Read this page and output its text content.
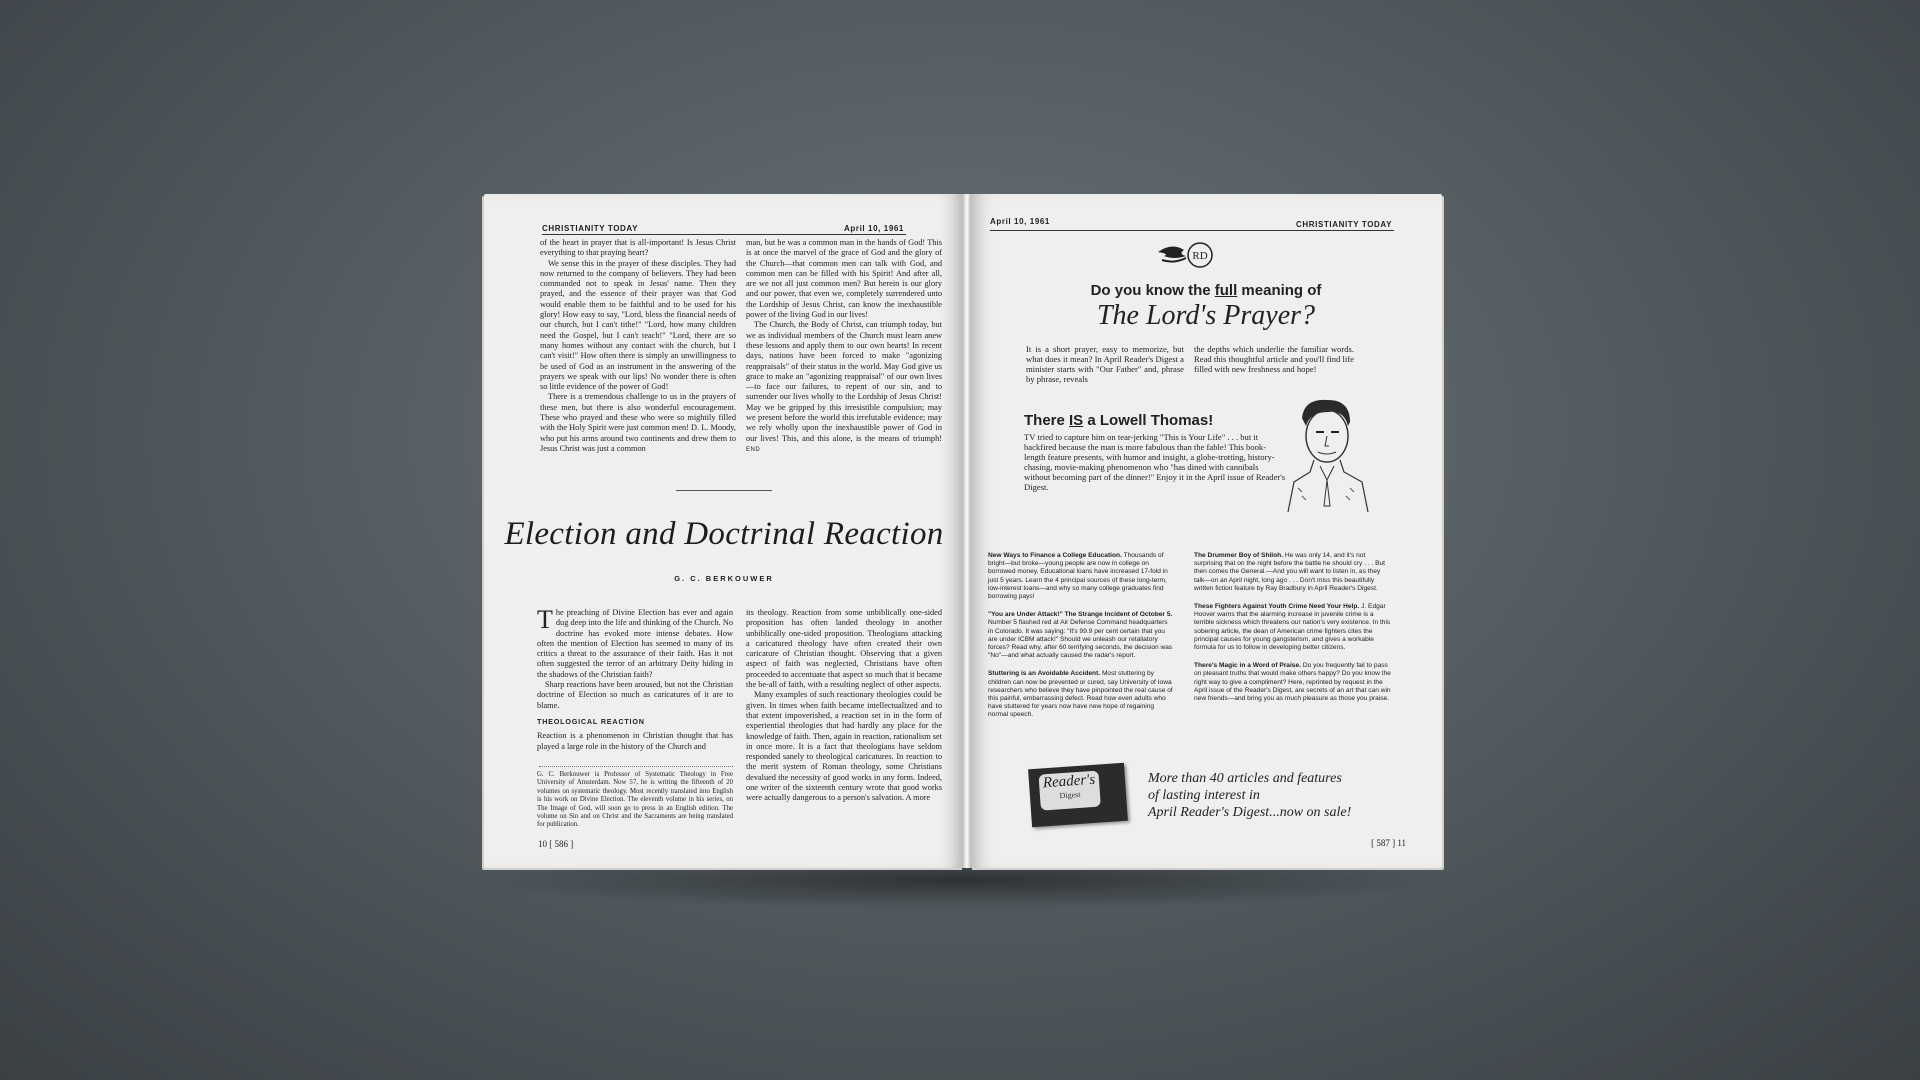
CHRISTIANITY TODAY	April 10, 1961

of the heart in prayer that is all-important! Is Jesus Christ everything to that praying heart?

We sense this in the prayer of these disciples. They had now returned to the company of believers. They had been commanded not to speak in Jesus' name. Then they prayed, and the essence of their prayer was that God would enable them to be faithful and to be used for his glory! How easy to say, "Lord, bless the financial needs of our church, but I can't tithe!" "Lord, how many children need the Gospel, but I can't teach!" "Lord, there are so many homes without any contact with the church, but I can't visit!" How often there is simply an unwillingness to be used of God as an instrument in the answering of the prayers we speak with our lips! No wonder there is often so little evidence of the power of God!

There is a tremendous challenge to us in the prayers of these men, but there is also wonderful encouragement. These who prayed and these who were so mightily filled with the Holy Spirit were just common men! D. L. Moody, who put his arms around two continents and drew them to Jesus Christ was just a common

man, but he was a common man in the hands of God! This is at once the marvel of the grace of God and the glory of the Church—that common men can talk with God, and common men can be filled with his Spirit! And after all, are we not all just common men? But herein is our glory and our power, that even we, completely surrendered unto the Lordship of Jesus Christ, can know the inexhaustible power of the living God in our lives!

The Church, the Body of Christ, can triumph today, but we as individual members of the Church must learn anew these lessons and apply them to our own hearts! In recent days, nations have been forced to make "agonizing reappraisals" of their status in the world. May God give us grace to make an "agonizing reappraisal" of our own lives—to face our failures, to repent of our sin, and to surrender our lives wholly to the Lordship of Jesus Christ! May we be gripped by this irresistible compulsion; may we present before the world this irrefutable evidence; may we rely wholly upon the inexhaustible power of God in our lives! This, and this alone, is the means of triumph! END

Election and Doctrinal Reaction
G. C. BERKOUWER

The preaching of Divine Election has ever and again dug deep into the life and thinking of the Church. No doctrine has evoked more intense debates. How often the mention of Election has seemed to many of its critics a threat to the assurance of their faith. Has it not often suggested the terror of an arbitrary Deity hiding in the shadows of the Christian faith?

Sharp reactions have been aroused, but not the Christian doctrine of Election so much as caricatures of it are to blame.

THEOLOGICAL REACTION

Reaction is a phenomenon in Christian thought that has played a large role in the history of the Church and

G. C. Berkouwer is Professor of Systematic Theology in Free University of Amsterdam. Now 57, he is writing the fifteenth of 20 volumes on systematic theology. Most recently translated into English is his work on Divine Election. The eleventh volume in his series, on The Image of God, will soon go to press in an English edition. The volume on Sin and on Christ and the Sacraments are being translated for publication.

its theology. Reaction from some unbiblically one-sided proposition has often landed theology in another unbiblically one-sided proposition. Theologians attacking a caricatured theology have often created their own caricature of Christian thought. Observing that a given aspect of faith was neglected, Christians have often proceeded to accentuate that aspect so much that it became the be-all of faith, with a resulting neglect of other aspects.

Many examples of such reactionary theologies could be given. In times when faith became intellectualized and to that extent impoverished, a reaction set in in the form of experiential theologies that had hardly any place for the knowledge of faith. Then, again in reaction, rationalism set in once more. It is a fact that theologians have seldom responded sanely to theological caricatures. In reaction to the merit system of Roman theology, some Christians devalued the necessity of good works in any form. Indeed, one writer of the sixteenth century wrote that good works were actually dangerous to a person's salvation. A more

10 [ 586 ]
April 10, 1961	CHRISTIANITY TODAY
RD
Do you know the full meaning of
The Lord's Prayer?
It is a short prayer, easy to memorize, but what does it mean? In April Reader's Digest a minister starts with "Our Father" and, phrase by phrase, reveals
the depths which underlie the familiar words. Read this thoughtful article and you'll find life filled with new freshness and hope!
There IS a Lowell Thomas!
TV tried to capture him on tear-jerking "This is Your Life" . . . but it backfired because the man is more fabulous than the fable! This book-length feature presents, with humor and insight, a globe-trotting, history-chasing, movie-making phenomenon who "has dined with cannibals without becoming part of the dinner!" Enjoy it in the April issue of Reader's Digest.
New Ways to Finance a College Education. Thousands of bright—but broke—young people are now in college on borrowed money. Educational loans have increased 17-fold in just 5 years. Learn the 4 principal sources of these long-term, low-interest loans—and why so many college graduates find borrowing pays!
"You are Under Attack!" The Strange Incident of October 5. Number 5 flashed red at Air Defense Command headquarters in Colorado. It was saying: "It's 99.9 per cent certain that you are under ICBM attack!" Should we unleash our retaliatory forces? Read why, after 60 terrifying seconds, the decision was "No"—and what actually caused the radar's report.
Stuttering is an Avoidable Accident. Most stuttering by children can now be prevented or cured, say University of Iowa researchers who believe they have pinpointed the real cause of this painful, embarrassing defect. Read how even adults who have stuttered for years now have new hope of regaining normal speech.
The Drummer Boy of Shiloh. He was only 14, and it's not surprising that on the night before the battle he should cry . . . But then comes the General.—And you will want to listen in, as they talk—on an April night, long ago . . . Don't miss this beautifully written fiction feature by Ray Bradbury in April Reader's Digest.
These Fighters Against Youth Crime Need Your Help. J. Edgar Hoover warns that the alarming increase in juvenile crime is a terrible sickness which threatens our nation's very existence. In this sobering article, the dean of American crime fighters cites the principal causes for young gangsterism, and gives a workable formula for us to follow in developing better citizens.
There's Magic in a Word of Praise. Do you frequently fail to pass on pleasant truths that would make others happy? Do you know the right way to give a compliment? Here, reprinted by request in the April issue of the Reader's Digest, are secrets of an art that can win new friends—and bring you as much pleasure as those you praise.
Reader's
Digest
More than 40 articles and features
of lasting interest in
April Reader's Digest...now on sale!
[ 587 ] 11
